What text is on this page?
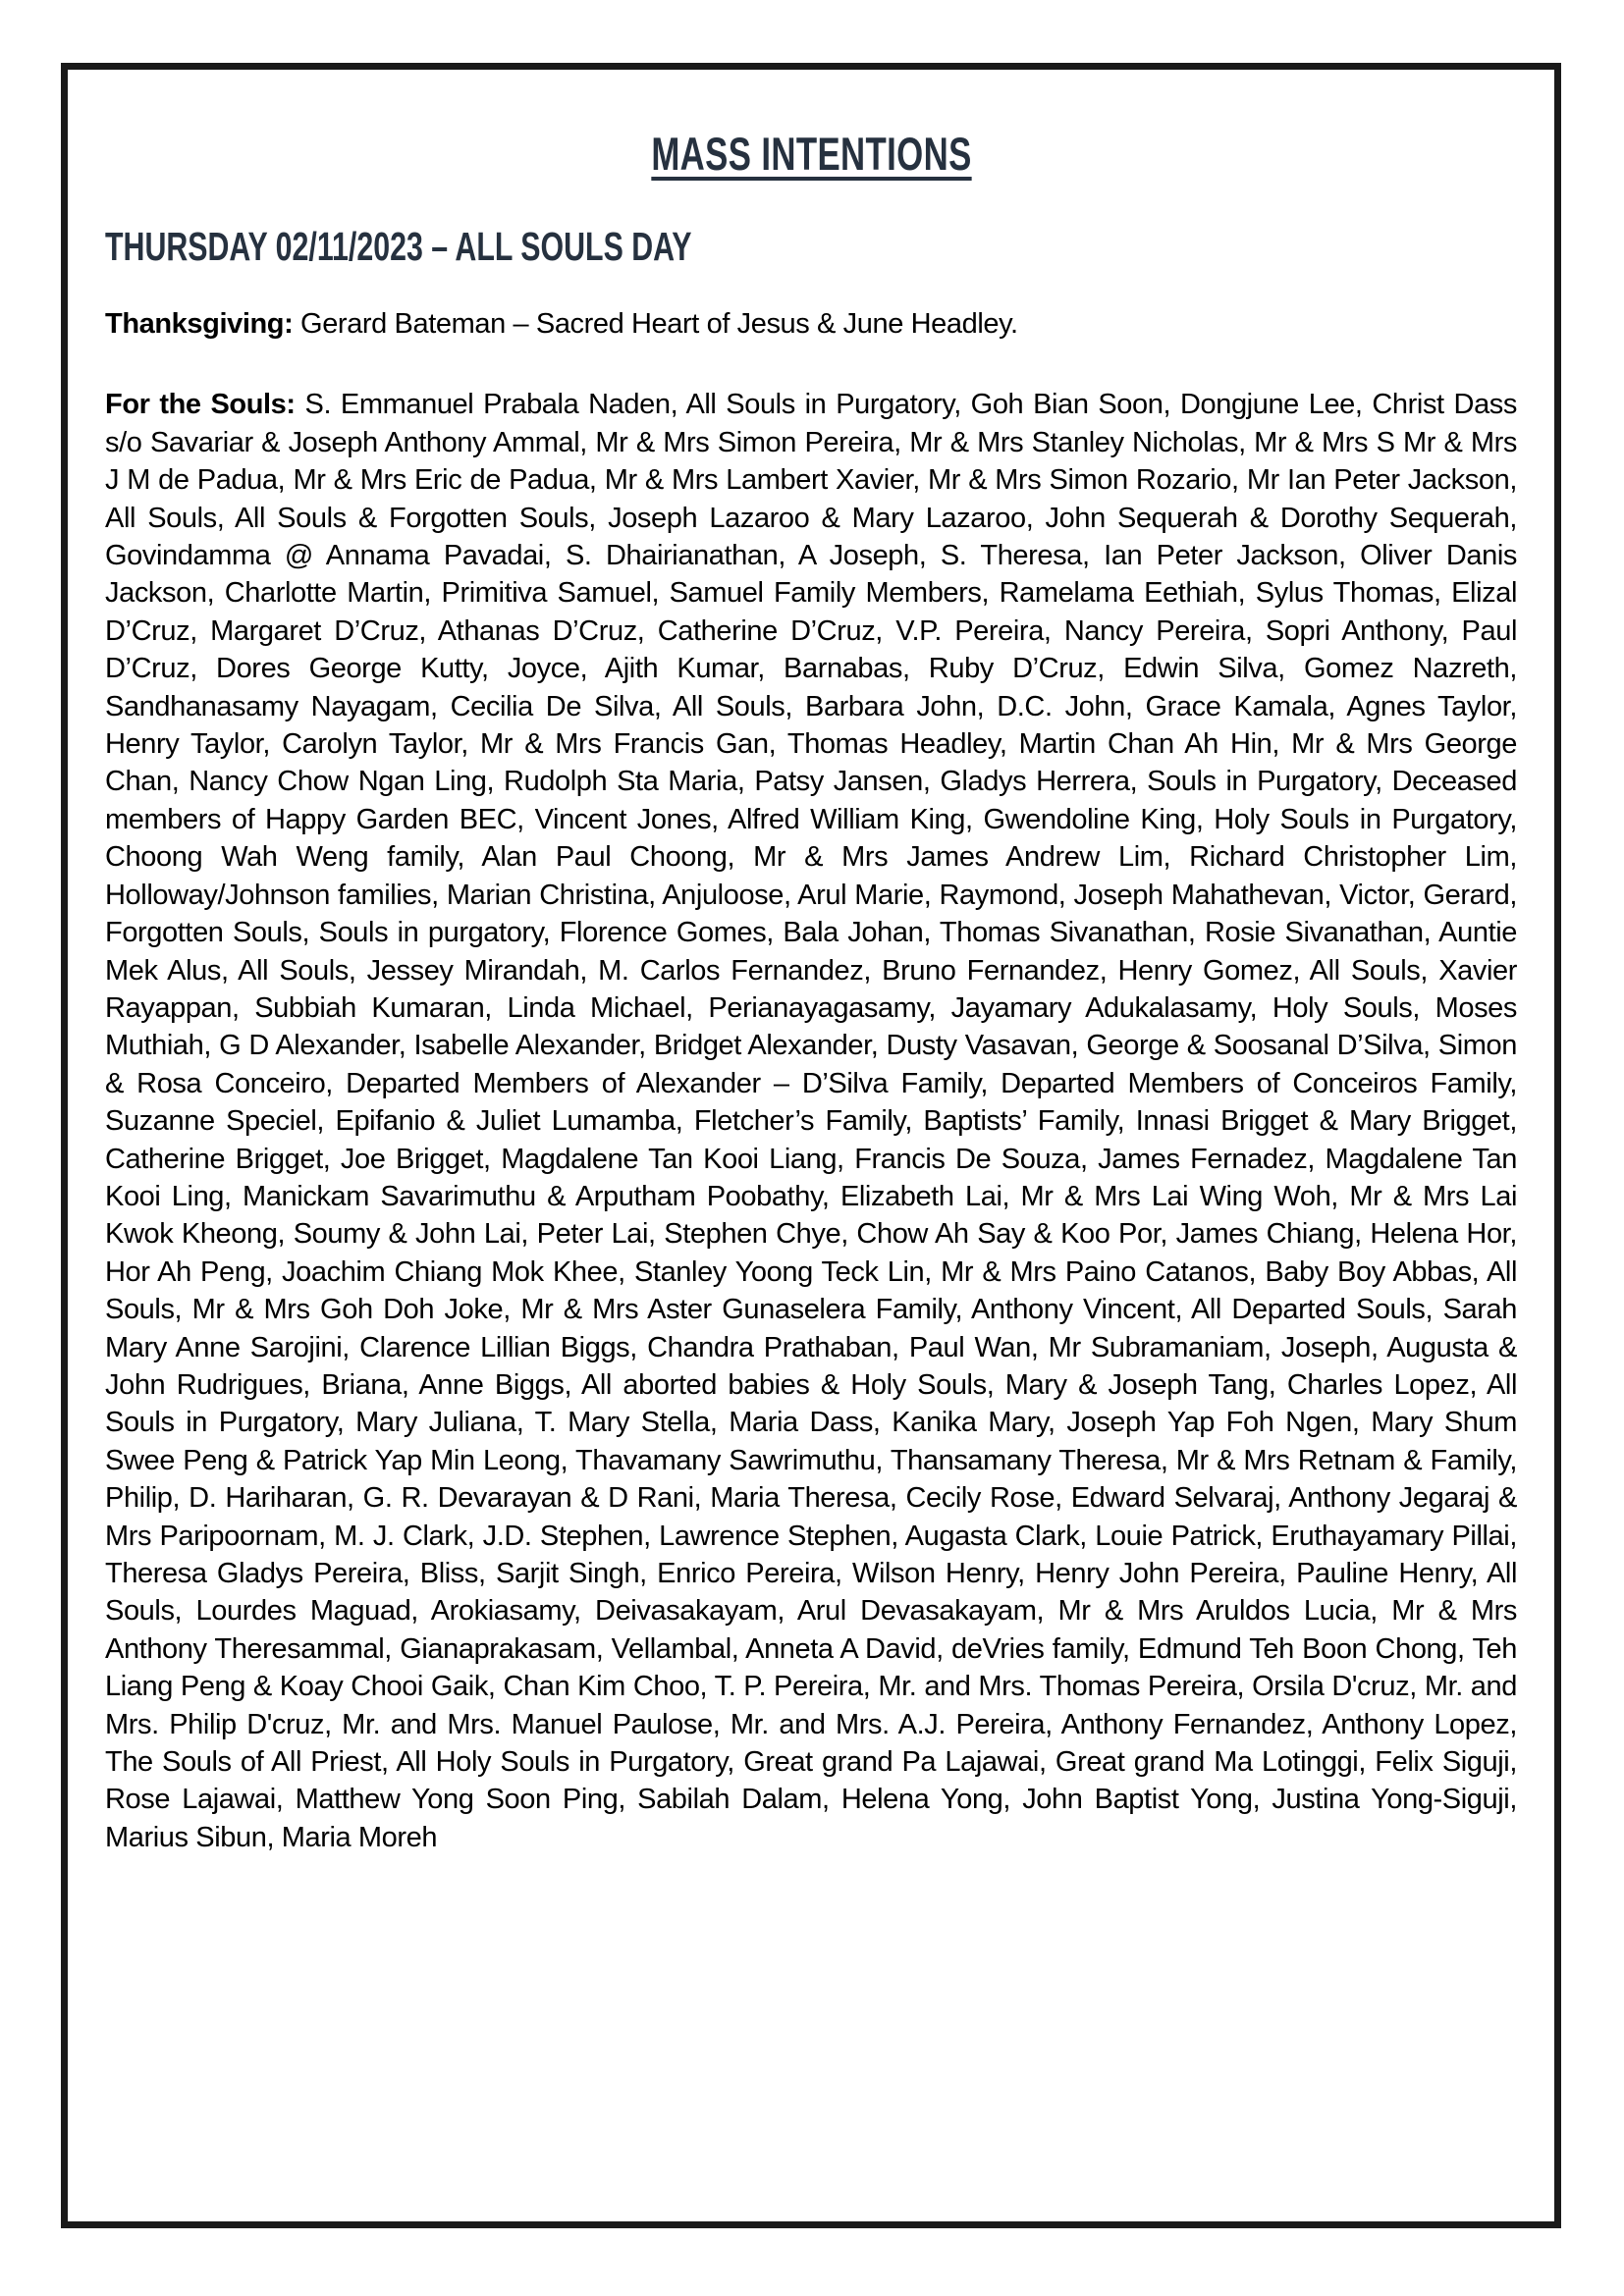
MASS INTENTIONS
THURSDAY 02/11/2023 – ALL SOULS DAY

Thanksgiving: Gerard Bateman – Sacred Heart of Jesus & June Headley.

For the Souls: S. Emmanuel Prabala Naden, All Souls in Purgatory, Goh Bian Soon, Dongjune Lee, Christ Dass s/o Savariar & Joseph Anthony Ammal, Mr & Mrs Simon Pereira, Mr & Mrs Stanley Nicholas, Mr & Mrs S Mr & Mrs J M de Padua, Mr & Mrs Eric de Padua, Mr & Mrs Lambert Xavier, Mr & Mrs Simon Rozario, Mr Ian Peter Jackson, All Souls, All Souls & Forgotten Souls, Joseph Lazaroo & Mary Lazaroo, John Sequerah & Dorothy Sequerah, Govindamma @ Annama Pavadai, S. Dhairianathan, A Joseph, S. Theresa, Ian Peter Jackson, Oliver Danis Jackson, Charlotte Martin, Primitiva Samuel, Samuel Family Members, Ramelama Eethiah, Sylus Thomas, Elizal D’Cruz, Margaret D’Cruz, Athanas D’Cruz, Catherine D’Cruz, V.P. Pereira, Nancy Pereira, Sopri Anthony, Paul D’Cruz, Dores George Kutty, Joyce, Ajith Kumar, Barnabas, Ruby D’Cruz, Edwin Silva, Gomez Nazreth, Sandhanasamy Nayagam, Cecilia De Silva, All Souls, Barbara John, D.C. John, Grace Kamala, Agnes Taylor, Henry Taylor, Carolyn Taylor, Mr & Mrs Francis Gan, Thomas Headley, Martin Chan Ah Hin, Mr & Mrs George Chan, Nancy Chow Ngan Ling, Rudolph Sta Maria, Patsy Jansen, Gladys Herrera, Souls in Purgatory, Deceased members of Happy Garden BEC, Vincent Jones, Alfred William King, Gwendoline King, Holy Souls in Purgatory, Choong Wah Weng family, Alan Paul Choong, Mr & Mrs James Andrew Lim, Richard Christopher Lim, Holloway/Johnson families, Marian Christina, Anjuloose, Arul Marie, Raymond, Joseph Mahathevan, Victor, Gerard, Forgotten Souls, Souls in purgatory, Florence Gomes, Bala Johan, Thomas Sivanathan, Rosie Sivanathan, Auntie Mek Alus, All Souls, Jessey Mirandah, M. Carlos Fernandez, Bruno Fernandez, Henry Gomez, All Souls, Xavier Rayappan, Subbiah Kumaran, Linda Michael, Perianayagasamy, Jayamary Adukalasamy, Holy Souls, Moses Muthiah, G D Alexander, Isabelle Alexander, Bridget Alexander, Dusty Vasavan, George & Soosanal D’Silva, Simon & Rosa Conceiro, Departed Members of Alexander – D’Silva Family, Departed Members of Conceiros Family, Suzanne Speciel, Epifanio & Juliet Lumamba, Fletcher’s Family, Baptists’ Family, Innasi Brigget & Mary Brigget, Catherine Brigget, Joe Brigget, Magdalene Tan Kooi Liang, Francis De Souza, James Fernadez, Magdalene Tan Kooi Ling, Manickam Savarimuthu & Arputham Poobathy, Elizabeth Lai, Mr & Mrs Lai Wing Woh, Mr & Mrs Lai Kwok Kheong, Soumy & John Lai, Peter Lai, Stephen Chye, Chow Ah Say & Koo Por, James Chiang, Helena Hor, Hor Ah Peng, Joachim Chiang Mok Khee, Stanley Yoong Teck Lin, Mr & Mrs Paino Catanos, Baby Boy Abbas, All Souls, Mr & Mrs Goh Doh Joke, Mr & Mrs Aster Gunaselera Family, Anthony Vincent, All Departed Souls, Sarah Mary Anne Sarojini, Clarence Lillian Biggs, Chandra Prathaban, Paul Wan, Mr Subramaniam, Joseph, Augusta & John Rudrigues, Briana, Anne Biggs, All aborted babies & Holy Souls, Mary & Joseph Tang, Charles Lopez, All Souls in Purgatory, Mary Juliana, T. Mary Stella, Maria Dass, Kanika Mary, Joseph Yap Foh Ngen, Mary Shum Swee Peng & Patrick Yap Min Leong, Thavamany Sawrimuthu, Thansamany Theresa, Mr & Mrs Retnam & Family, Philip, D. Hariharan, G. R. Devarayan & D Rani, Maria Theresa, Cecily Rose, Edward Selvaraj, Anthony Jegaraj & Mrs Paripoornam, M. J. Clark, J.D. Stephen, Lawrence Stephen, Augasta Clark, Louie Patrick, Eruthayamary Pillai, Theresa Gladys Pereira, Bliss, Sarjit Singh, Enrico Pereira, Wilson Henry, Henry John Pereira, Pauline Henry, All Souls, Lourdes Maguad, Arokiasamy, Deivasakayam, Arul Devasakayam, Mr & Mrs Aruldos Lucia, Mr & Mrs Anthony Theresammal, Gianaprakasam, Vellambal, Anneta A David, deVries family, Edmund Teh Boon Chong, Teh Liang Peng & Koay Chooi Gaik, Chan Kim Choo, T. P. Pereira, Mr. and Mrs. Thomas Pereira, Orsila D'cruz, Mr. and Mrs. Philip D'cruz, Mr. and Mrs. Manuel Paulose, Mr. and Mrs. A.J. Pereira, Anthony Fernandez, Anthony Lopez, The Souls of All Priest, All Holy Souls in Purgatory, Great grand Pa Lajawai, Great grand Ma Lotinggi, Felix Siguji, Rose Lajawai, Matthew Yong Soon Ping, Sabilah Dalam, Helena Yong, John Baptist Yong, Justina Yong-Siguji, Marius Sibun, Maria Moreh
